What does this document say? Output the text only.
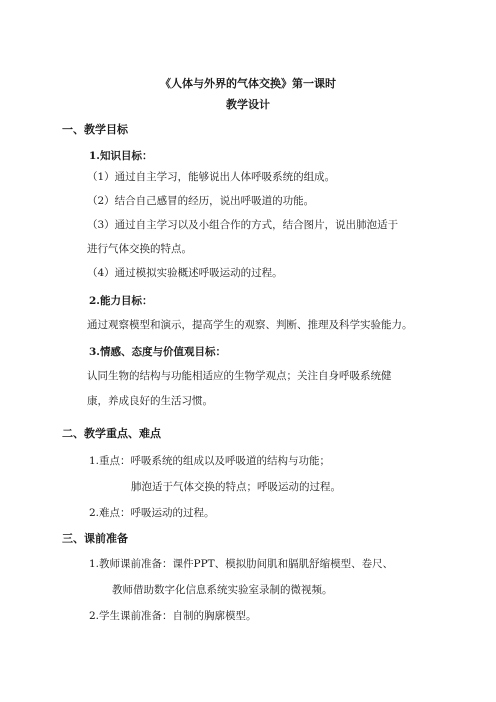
《人体与外界的气体交换》第一课时
教学设计
一、教学目标
1.知识目标：
（1）通过自主学习，能够说出人体呼吸系统的组成。
（2）结合自己感冒的经历，说出呼吸道的功能。
（3）通过自主学习以及小组合作的方式，结合图片，说出肺泡适于
进行气体交换的特点。
（4）通过模拟实验概述呼吸运动的过程。
2.能力目标：
通过观察模型和演示，提高学生的观察、判断、推理及科学实验能力。
3.情感、态度与价值观目标：
认同生物的结构与功能相适应的生物学观点；关注自身呼吸系统健
康，养成良好的生活习惯。
二、教学重点、难点
1.重点：呼吸系统的组成以及呼吸道的结构与功能；
肺泡适于气体交换的特点；呼吸运动的过程。
2.难点：呼吸运动的过程。
三、课前准备
1.教师课前准备：课件PPT、模拟肋间肌和膈肌舒缩模型、卷尺、
教师借助数字化信息系统实验室录制的微视频。
2.学生课前准备：自制的胸廓模型。
